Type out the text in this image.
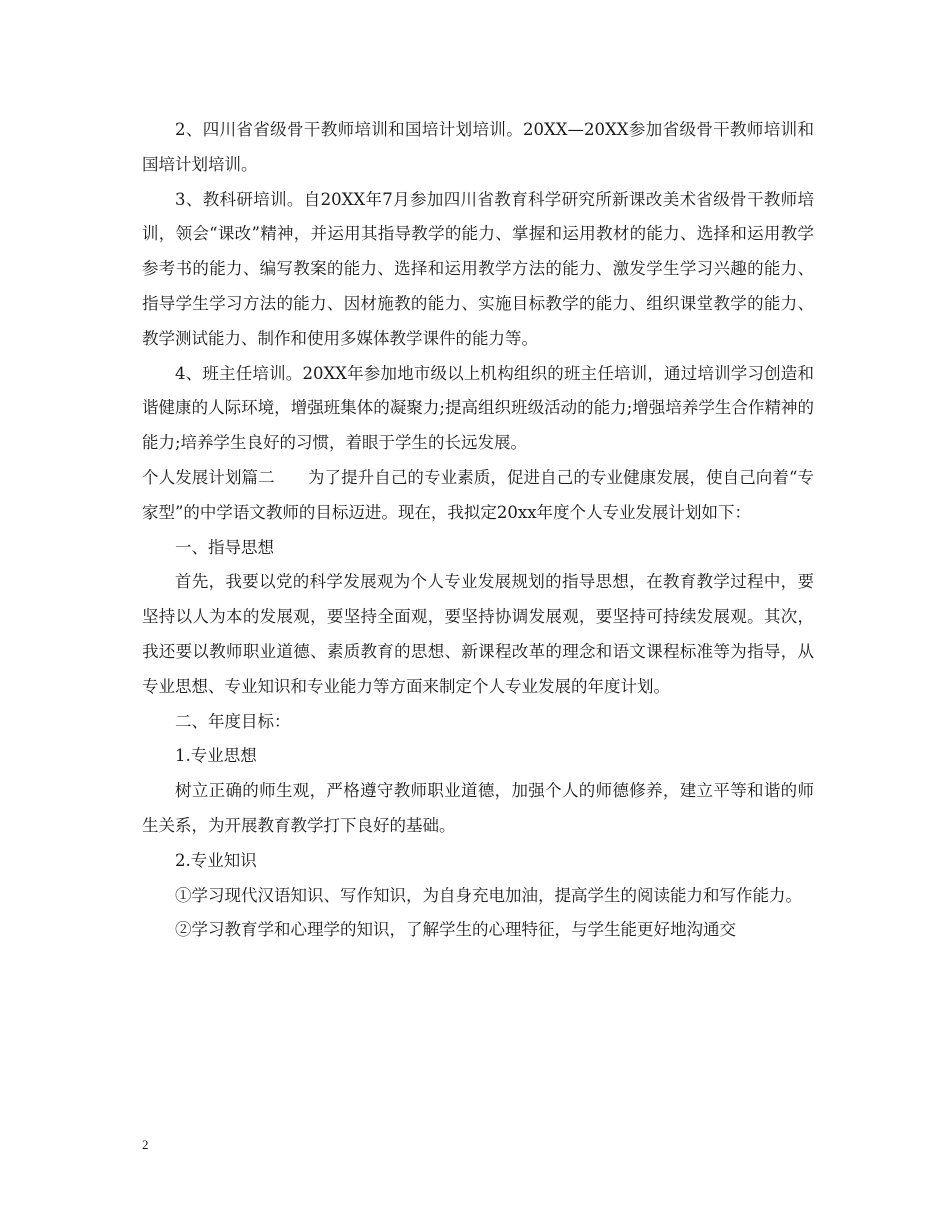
2、四川省省级骨干教师培训和国培计划培训。20XX—20XX参加省级骨干教师培训和国培计划培训。

3、教科研培训。自20XX年7月参加四川省教育科学研究所新课改美术省级骨干教师培训，领会“课改”精神，并运用其指导教学的能力、掌握和运用教材的能力、选择和运用教学参考书的能力、编写教案的能力、选择和运用教学方法的能力、激发学生学习兴趣的能力、指导学生学习方法的能力、因材施教的能力、实施目标教学的能力、组织课堂教学的能力、教学测试能力、制作和使用多媒体教学课件的能力等。

4、班主任培训。20XX年参加地市级以上机构组织的班主任培训，通过培训学习创造和谐健康的人际环境，增强班集体的凝聚力;提高组织班级活动的能力;增强培养学生合作精神的能力;培养学生良好的习惯，着眼于学生的长远发展。

个人发展计划篇二　　为了提升自己的专业素质，促进自己的专业健康发展，使自己向着“专家型”的中学语文教师的目标迈进。现在，我拟定20xx年度个人专业发展计划如下：

一、指导思想

首先，我要以党的科学发展观为个人专业发展规划的指导思想，在教育教学过程中，要坚持以人为本的发展观，要坚持全面观，要坚持协调发展观，要坚持可持续发展观。其次，我还要以教师职业道德、素质教育的思想、新课程改革的理念和语文课程标准等为指导，从专业思想、专业知识和专业能力等方面来制定个人专业发展的年度计划。

二、年度目标：

1.专业思想

树立正确的师生观，严格遵守教师职业道德，加强个人的师德修养，建立平等和谐的师生关系，为开展教育教学打下良好的基础。

2.专业知识

①学习现代汉语知识、写作知识，为自身充电加油，提高学生的阅读能力和写作能力。

②学习教育学和心理学的知识，了解学生的心理特征，与学生能更好地沟通交

2
